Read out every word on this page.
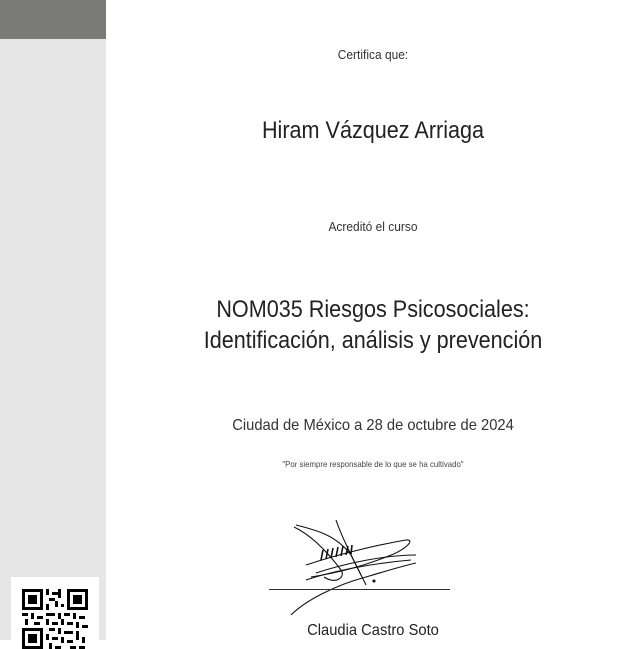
Certifica que:
Hiram Vázquez Arriaga
Acreditó el curso
NOM035 Riesgos Psicosociales:
Identificación, análisis y prevención
Ciudad de México a 28 de octubre de 2024
"Por siempre responsable de lo que se ha cultivado"
Claudia Castro Soto
